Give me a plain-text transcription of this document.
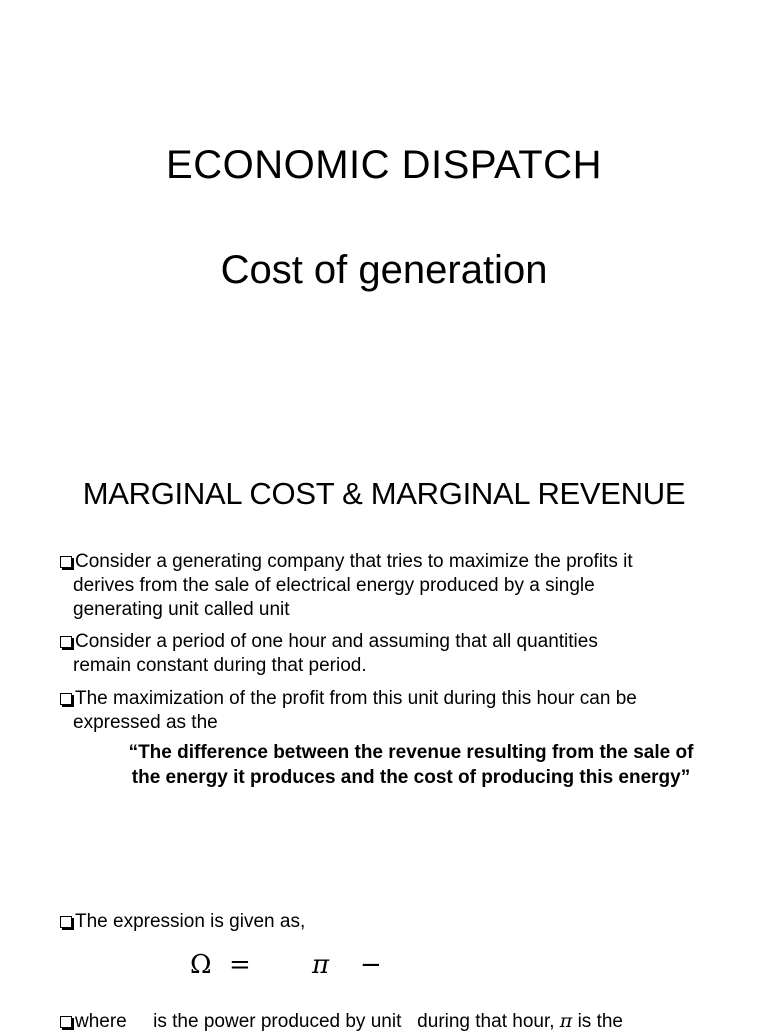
ECONOMIC DISPATCH
Cost of generation
MARGINAL COST & MARGINAL REVENUE
Consider a generating company that tries to maximize the profits it
derives from the sale of electrical energy produced by a single
generating unit called unit
Consider a period of one hour and assuming that all quantities
remain constant during that period.
The maximization of the profit from this unit during this hour can be
expressed as the
“The difference between the revenue resulting from the sale of
the energy it produces and the cost of producing this energy”
The expression is given as,
Ω = π −
where     is the power produced by unit   during that hour, π is the
